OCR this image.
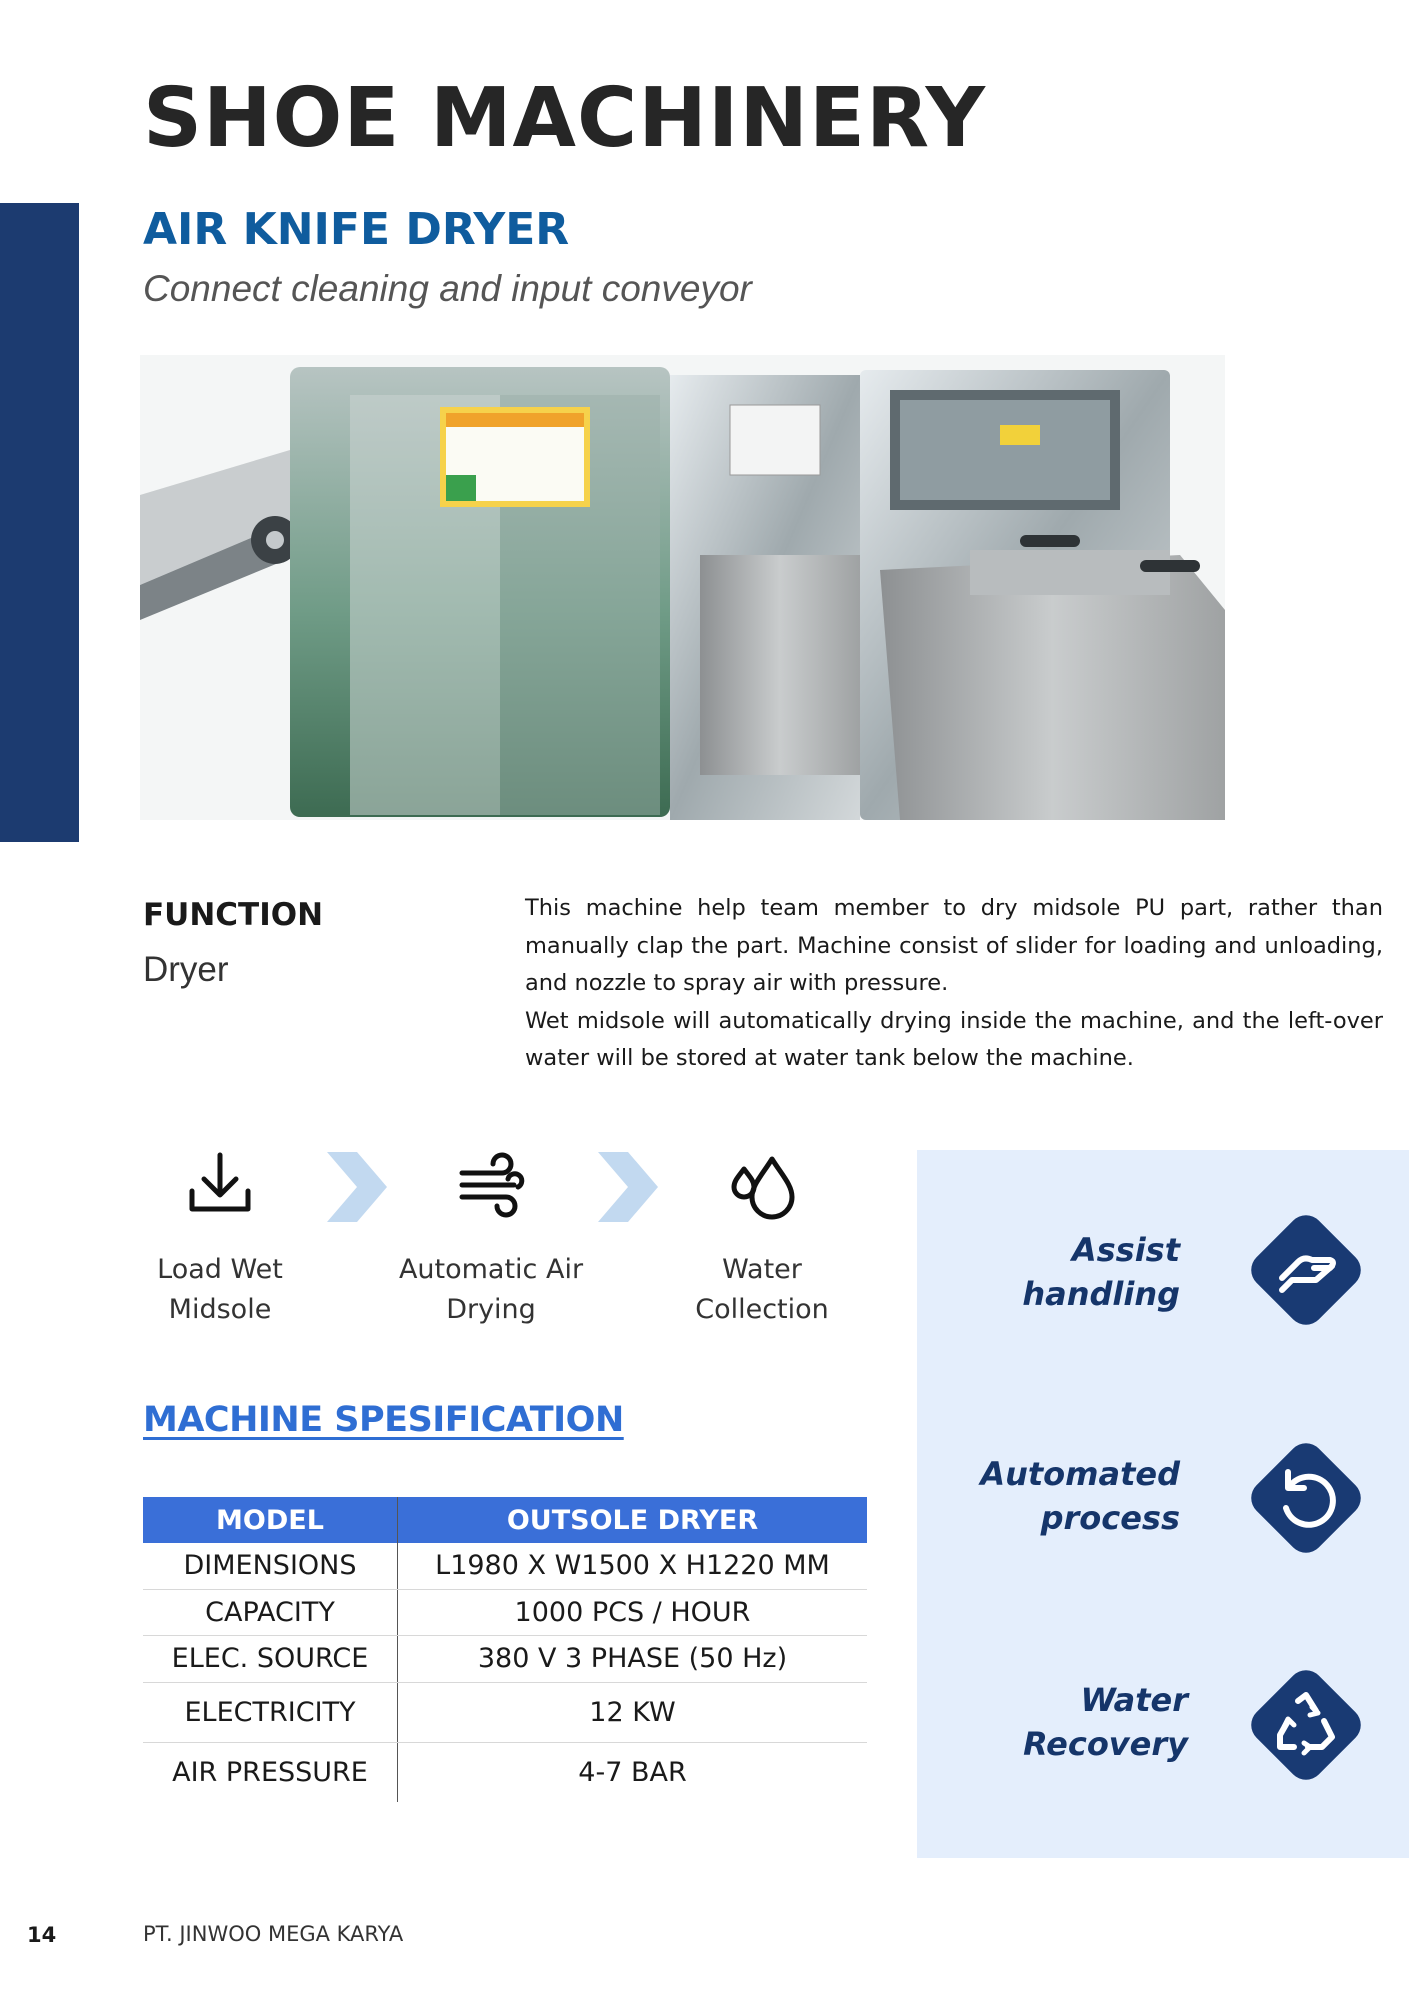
SHOE MACHINERY
AIR KNIFE DRYER
Connect cleaning and input conveyor
FUNCTION
Dryer

This machine help team member to dry midsole PU part, rather than manually clap the part. Machine consist of slider for loading and unloading, and nozzle to spray air with pressure.

Wet midsole will automatically drying inside the machine, and the left-over water will be stored at water tank below the machine.

Load Wet
Midsole
Automatic Air
Drying
Water
Collection
MACHINE SPESIFICATION
MODEL	OUTSOLE DRYER
DIMENSIONS	L1980 X W1500 X H1220 MM
CAPACITY	1000 PCS / HOUR
ELEC. SOURCE	380 V 3 PHASE (50 Hz)
ELECTRICITY	12 KW
AIR PRESSURE	4-7 BAR
Assist
handling
Automated
process
Water
Recovery
14	PT. JINWOO MEGA KARYA
